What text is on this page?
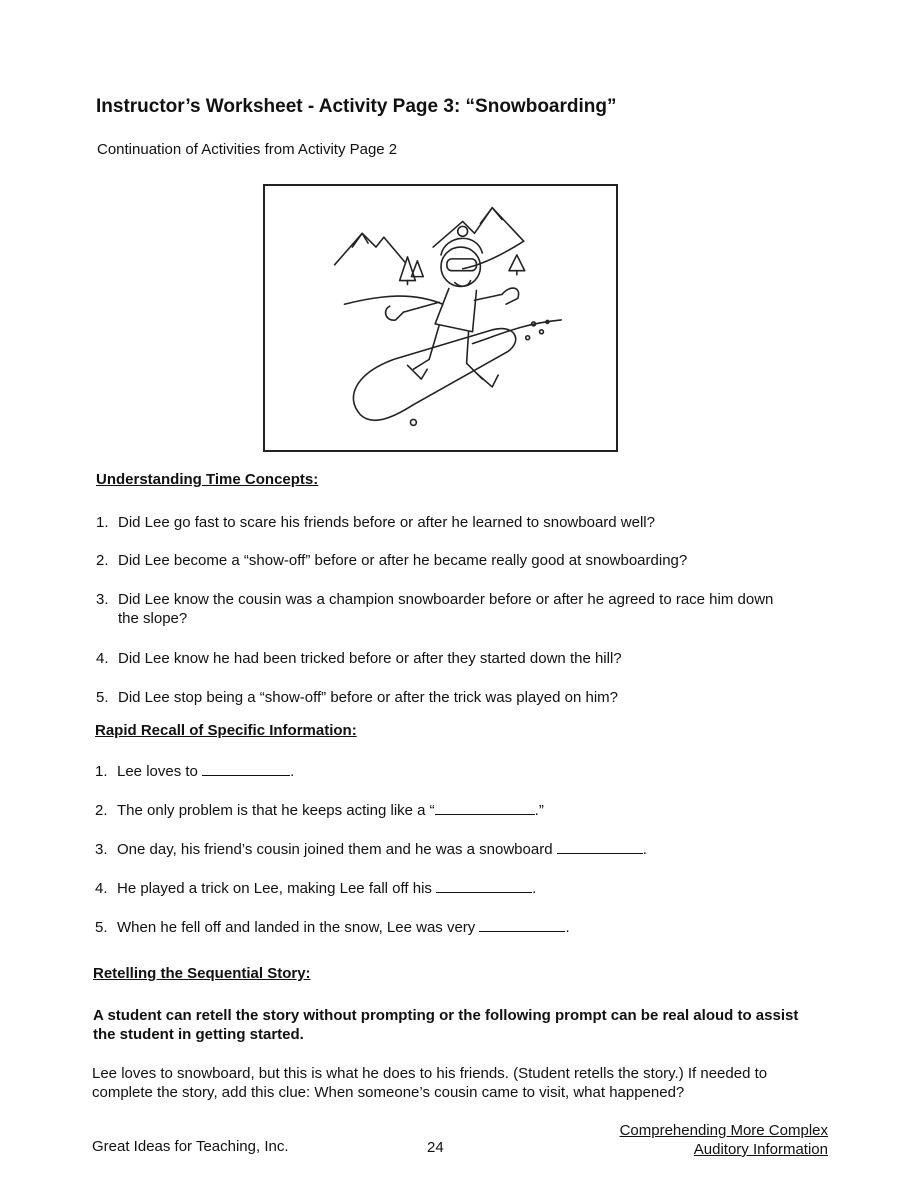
Instructor’s Worksheet - Activity Page 3: “Snowboarding”
Continuation of Activities from Activity Page 2
Understanding Time Concepts:
1. Did Lee go fast to scare his friends before or after he learned to snowboard well?
2. Did Lee become a “show-off” before or after he became really good at snowboarding?
3. Did Lee know the cousin was a champion snowboarder before or after he agreed to race him down the slope?
4. Did Lee know he had been tricked before or after they started down the hill?
5. Did Lee stop being a “show-off” before or after the trick was played on him?
Rapid Recall of Specific Information:
1. Lee loves to	.
2. The only problem is that he keeps acting like a “	.”
3. One day, his friend’s cousin joined them and he was a snowboard	.
4. He played a trick on Lee, making Lee fall off his	.
5. When he fell off and landed in the snow, Lee was very	.
Retelling the Sequential Story:
A student can retell the story without prompting or the following prompt can be real aloud to assist the student in getting started.
Lee loves to snowboard, but this is what he does to his friends. (Student retells the story.) If needed to complete the story, add this clue: When someone’s cousin came to visit, what happened?
Great Ideas for Teaching, Inc.	24
Comprehending More Complex
Auditory Information
